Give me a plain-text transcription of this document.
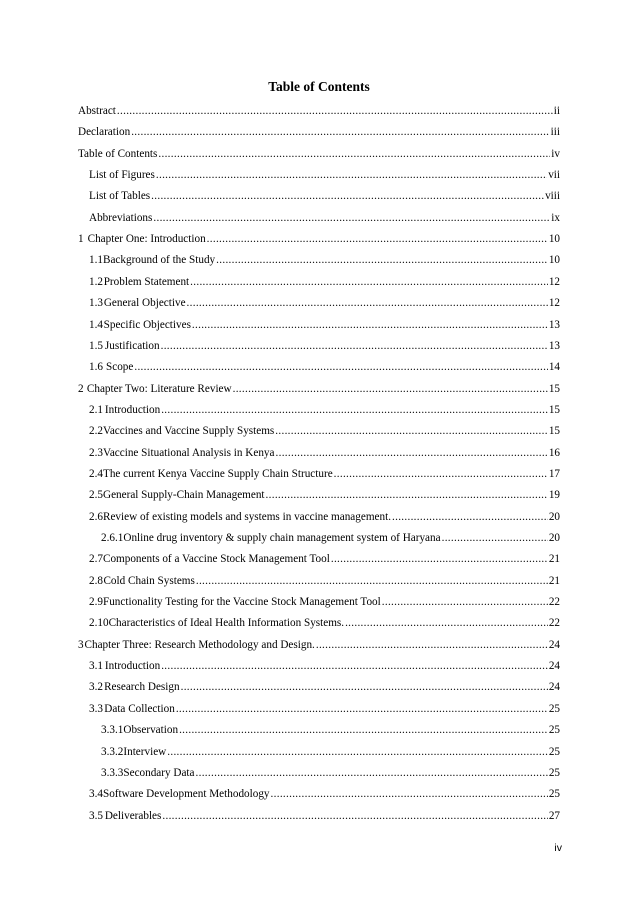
Table of Contents
Abstract .....	ii
Declaration .....	iii
Table of Contents .....	iv
List of Figures .....	vii
List of Tables .....	viii
Abbreviations .....	ix
1 Chapter One: Introduction .....	10
1.1 Background of the Study .....	10
1.2 Problem Statement .....	12
1.3 General Objective .....	12
1.4 Specific Objectives .....	13
1.5 Justification .....	13
1.6 Scope .....	14
2 Chapter Two: Literature Review .....	15
2.1 Introduction .....	15
2.2 Vaccines and Vaccine Supply Systems .....	15
2.3 Vaccine Situational Analysis in Kenya .....	16
2.4 The current Kenya Vaccine Supply Chain Structure .....	17
2.5 General Supply-Chain Management .....	19
2.6 Review of existing models and systems in vaccine management. .....	20
2.6.1 Online drug inventory & supply chain management system of Haryana .....	20
2.7 Components of a Vaccine Stock Management Tool .....	21
2.8 Cold Chain Systems .....	21
2.9 Functionality Testing for the Vaccine Stock Management Tool .....	22
2.10 Characteristics of Ideal Health Information Systems. .....	22
3 Chapter Three: Research Methodology and Design. .....	24
3.1 Introduction .....	24
3.2 Research Design .....	24
3.3 Data Collection .....	25
3.3.1 Observation .....	25
3.3.2 Interview .....	25
3.3.3 Secondary Data .....	25
3.4 Software Development Methodology .....	25
3.5 Deliverables .....	27
iv
